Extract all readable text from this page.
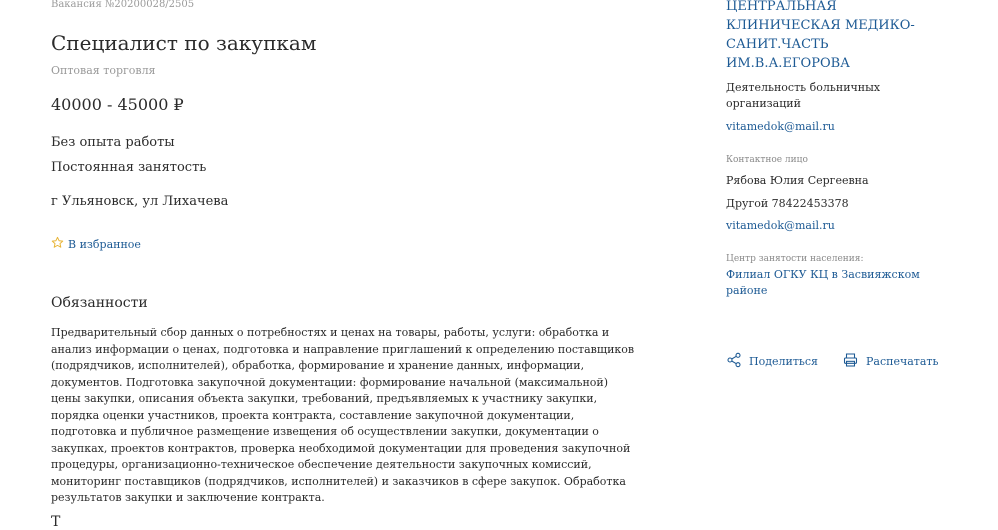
Вакансия №20200028/2505
Специалист по закупкам
Оптовая торговля
40000 - 45000 ₽
Без опыта работы
Постоянная занятость
г Ульяновск, ул Лихачева
В избранное
Обязанности

Предварительный сбор данных о потребностях и ценах на товары, работы, услуги: обработка и анализ информации о ценах, подготовка и направление приглашений к определению поставщиков (подрядчиков, исполнителей), обработка, формирование и хранение данных, информации, документов. Подготовка закупочной документации: формирование начальной (максимальной) цены закупки, описания объекта закупки, требований, предъявляемых к участнику закупки, порядка оценки участников, проекта контракта, составление закупочной документации, подготовка и публичное размещение извещения об осуществлении закупки, документации о закупках, проектов контрактов, проверка необходимой документации для проведения закупочной процедуры, организационно-техническое обеспечение деятельности закупочных комиссий, мониторинг поставщиков (подрядчиков, исполнителей) и заказчиков в сфере закупок. Обработка результатов закупки и заключение контракта.

Т
ЦЕНТРАЛЬНАЯ КЛИНИЧЕСКАЯ МЕДИКО-САНИТ.ЧАСТЬ ИМ.В.А.ЕГОРОВА
Деятельность больничных организаций
vitamedok@mail.ru
Контактное лицо
Рябова Юлия Сергеевна
Другой 78422453378
vitamedok@mail.ru
Центр занятости населения:
Филиал ОГКУ КЦ в Засвияжском районе
Поделиться	Распечатать
